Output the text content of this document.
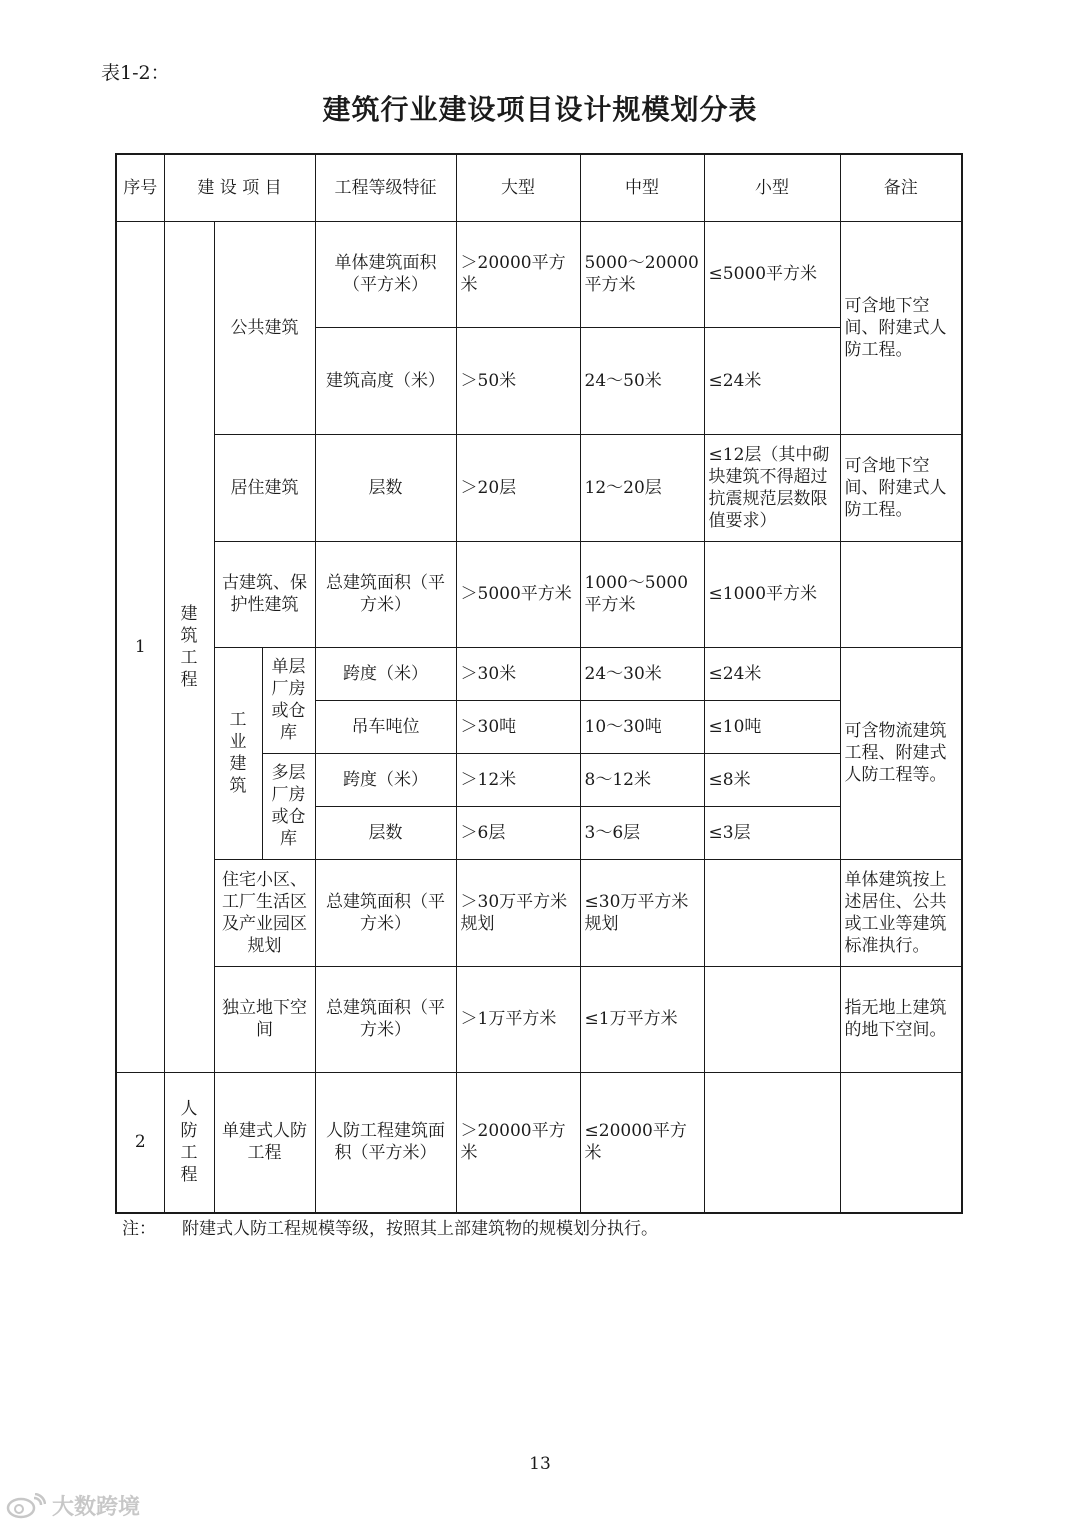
表1-2：
建筑行业建设项目设计规模划分表
序号	建 设 项 目			工程等级特征	大型	中型	小型	备注
1	建筑工程	公共建筑		单体建筑面积（平方米）	＞20000平方米	5000～20000平方米	≤5000平方米	可含地下空间、附建式人防工程。
				建筑高度（米）	＞50米	24～50米	≤24米	
		居住建筑		层数	＞20层	12～20层	≤12层（其中砌块建筑不得超过抗震规范层数限值要求）	可含地下空间、附建式人防工程。
		古建筑、保护性建筑		总建筑面积（平方米）	＞5000平方米	1000～5000平方米	≤1000平方米	
		工业建筑	单层厂房或仓库	跨度（米）	＞30米	24～30米	≤24米	可含物流建筑工程、附建式人防工程等。
				吊车吨位	＞30吨	10～30吨	≤10吨	
			多层厂房或仓库	跨度（米）	＞12米	8～12米	≤8米	
				层数	＞6层	3～6层	≤3层	
		住宅小区、工厂生活区及产业园区规划		总建筑面积（平方米）	＞30万平方米规划	≤30万平方米规划		单体建筑按上述居住、公共或工业等建筑标准执行。
		独立地下空间		总建筑面积（平方米）	＞1万平方米	≤1万平方米		指无地上建筑的地下空间。
2	人防工程	单建式人防工程		人防工程建筑面积（平方米）	＞20000平方米	≤20000平方米		
注： 附建式人防工程规模等级，按照其上部建筑物的规模划分执行。
13
大数跨境
